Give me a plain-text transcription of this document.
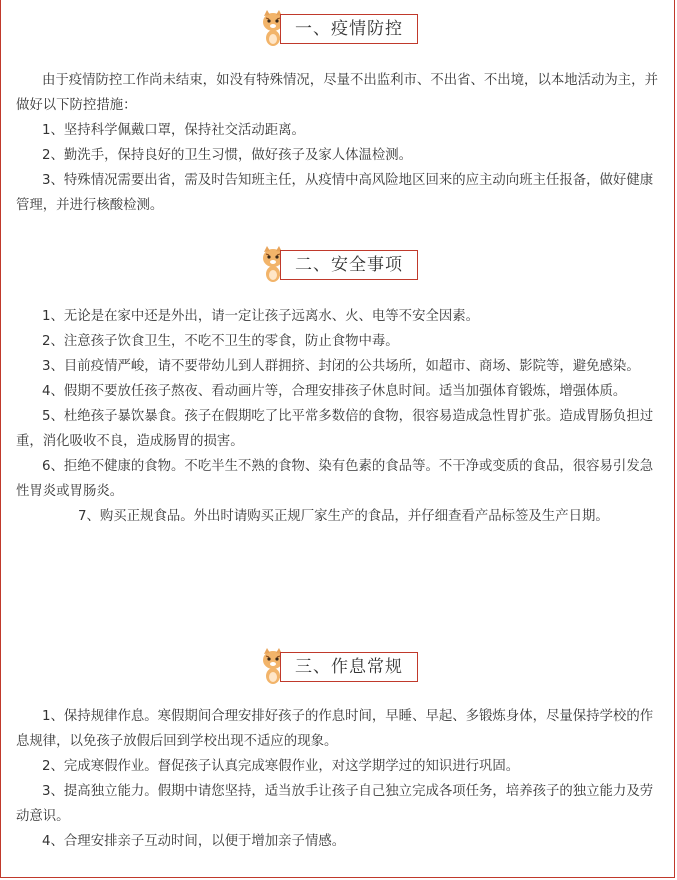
一、疫情防控

由于疫情防控工作尚未结束，如没有特殊情况，尽量不出监利市、不出省、不出境，以本地活动为主，并做好以下防控措施：

1、坚持科学佩戴口罩，保持社交活动距离。

2、勤洗手，保持良好的卫生习惯，做好孩子及家人体温检测。

3、特殊情况需要出省，需及时告知班主任，从疫情中高风险地区回来的应主动向班主任报备，做好健康管理，并进行核酸检测。

二、安全事项

1、无论是在家中还是外出，请一定让孩子远离水、火、电等不安全因素。

2、注意孩子饮食卫生，不吃不卫生的零食，防止食物中毒。

3、目前疫情严峻，请不要带幼儿到人群拥挤、封闭的公共场所，如超市、商场、影院等，避免感染。

4、假期不要放任孩子熬夜、看动画片等，合理安排孩子休息时间。适当加强体育锻炼，增强体质。

5、杜绝孩子暴饮暴食。孩子在假期吃了比平常多数倍的食物，很容易造成急性胃扩张。造成胃肠负担过重，消化吸收不良，造成肠胃的损害。

6、拒绝不健康的食物。不吃半生不熟的食物、染有色素的食品等。不干净或变质的食品，很容易引发急性胃炎或胃肠炎。

7、购买正规食品。外出时请购买正规厂家生产的食品，并仔细查看产品标签及生产日期。

三、作息常规

1、保持规律作息。寒假期间合理安排好孩子的作息时间，早睡、早起、多锻炼身体，尽量保持学校的作息规律，以免孩子放假后回到学校出现不适应的现象。

2、完成寒假作业。督促孩子认真完成寒假作业，对这学期学过的知识进行巩固。

3、提高独立能力。假期中请您坚持，适当放手让孩子自己独立完成各项任务，培养孩子的独立能力及劳动意识。

4、合理安排亲子互动时间，以便于增加亲子情感。
